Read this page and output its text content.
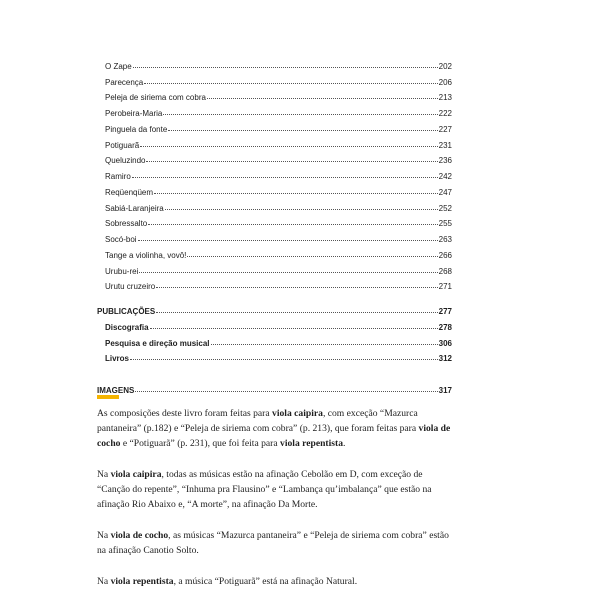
O Zape	202
Parecença	206
Peleja de siriema com cobra	213
Perobeira-Maria	222
Pinguela da fonte	227
Potiguarã	231
Queluzindo	236
Ramiro	242
Reqüenqüem	247
Sabiá-Laranjeira	252
Sobressalto	255
Socó-boi	263
Tange a violinha, vovô!	266
Urubu-rei	268
Urutu cruzeiro	271
PUBLICAÇÕES	277
Discografia	278
Pesquisa e direção musical	306
Livros	312
IMAGENS	317

As composições deste livro foram feitas para viola caipira, com exceção “Mazurca pantaneira” (p.182) e “Peleja de siriema com cobra” (p. 213), que foram feitas para viola de cocho e “Potiguarã” (p. 231), que foi feita para viola repentista.

Na viola caipira, todas as músicas estão na afinação Cebolão em D, com exceção de “Canção do repente”, “Inhuma pra Flausino” e “Lambança qu’imbalança” que estão na afinação Rio Abaixo e, “A morte”, na afinação Da Morte.

Na viola de cocho, as músicas “Mazurca pantaneira” e “Peleja de siriema com cobra” estão na afinação Canotio Solto.

Na viola repentista, a música “Potiguarã” está na afinação Natural.
